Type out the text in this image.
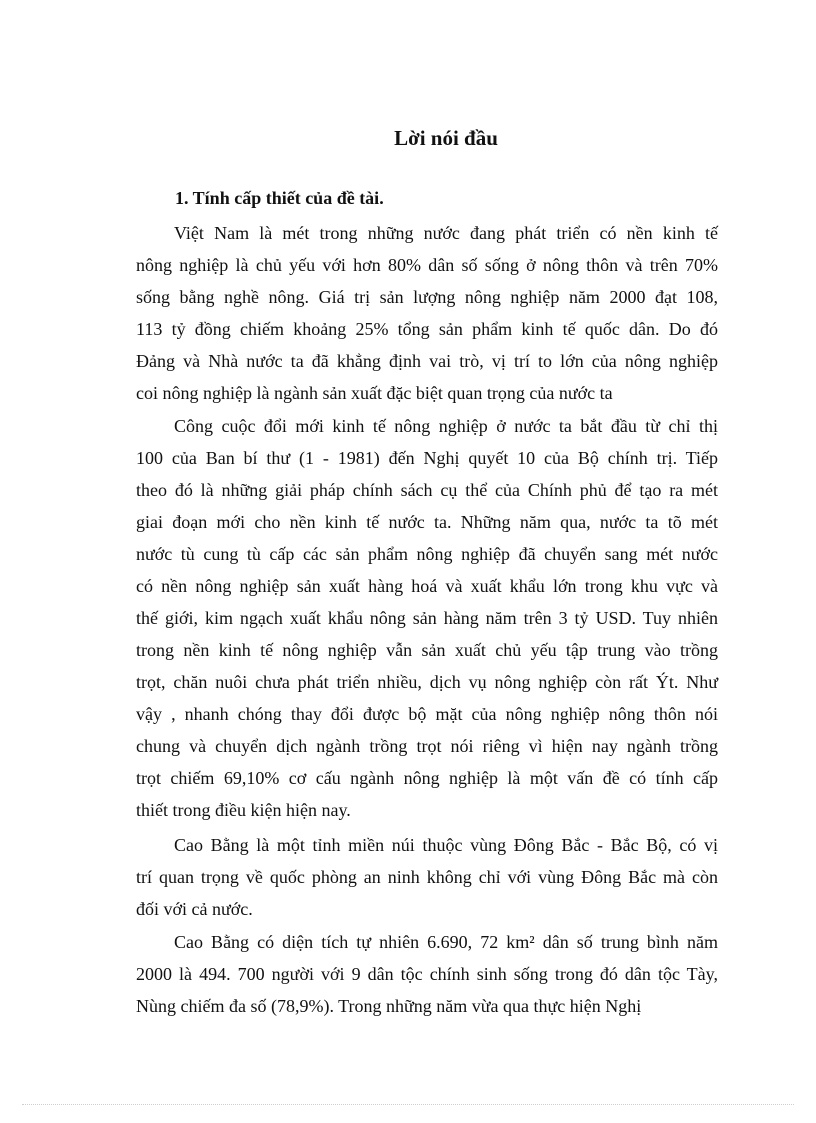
Lời nói đầu
1. Tính cấp thiết của đề tài.
Việt Nam là mét trong những nước đang phát triển có nền kinh tế
nông nghiệp là chủ yếu với hơn 80% dân số sống ở nông thôn và trên 70%
sống bằng nghề nông. Giá trị sản lượng nông nghiệp năm 2000 đạt 108,
113 tỷ đồng chiếm khoảng 25% tổng sản phẩm kinh tế quốc dân. Do đó
Đảng và Nhà nước ta đã khẳng định vai trò, vị trí to lớn của nông nghiệp
coi nông nghiệp là ngành sản xuất đặc biệt quan trọng của nước ta
Công cuộc đổi mới kinh tế nông nghiệp ở nước ta bắt đầu từ chỉ thị
100 của Ban bí thư (1 - 1981) đến Nghị quyết 10 của Bộ chính trị. Tiếp
theo đó là những giải pháp chính sách cụ thể của Chính phủ để tạo ra mét
giai đoạn mới cho nền kinh tế nước ta. Những năm qua, nước ta tõ mét
nước tù cung tù cấp các sản phẩm nông nghiệp đã chuyển sang mét nước
có nền nông nghiệp sản xuất hàng hoá và xuất khẩu lớn trong khu vực và
thế giới, kim ngạch xuất khẩu nông sản hàng năm trên 3 tỷ USD. Tuy nhiên
trong nền kinh tế nông nghiệp vẫn sản xuất chủ yếu tập trung vào trồng
trọt, chăn nuôi chưa phát triển nhiều, dịch vụ nông nghiệp còn rất Ýt. Như
vậy , nhanh chóng thay đổi được bộ mặt của nông nghiệp nông thôn nói
chung và chuyển dịch ngành trồng trọt nói riêng vì hiện nay ngành trồng
trọt chiếm 69,10% cơ cấu ngành nông nghiệp là một vấn đề có tính cấp
thiết trong điều kiện hiện nay.
Cao Bằng là một tỉnh miền núi thuộc vùng Đông Bắc - Bắc Bộ, có vị
trí quan trọng về quốc phòng an ninh không chỉ với vùng Đông Bắc mà còn
đối với cả nước.
Cao Bằng có diện tích tự nhiên 6.690, 72 km² dân số trung bình năm
2000 là 494. 700 người với 9 dân tộc chính sinh sống trong đó dân tộc Tày,
Nùng chiếm đa số (78,9%). Trong những năm vừa qua thực hiện Nghị
